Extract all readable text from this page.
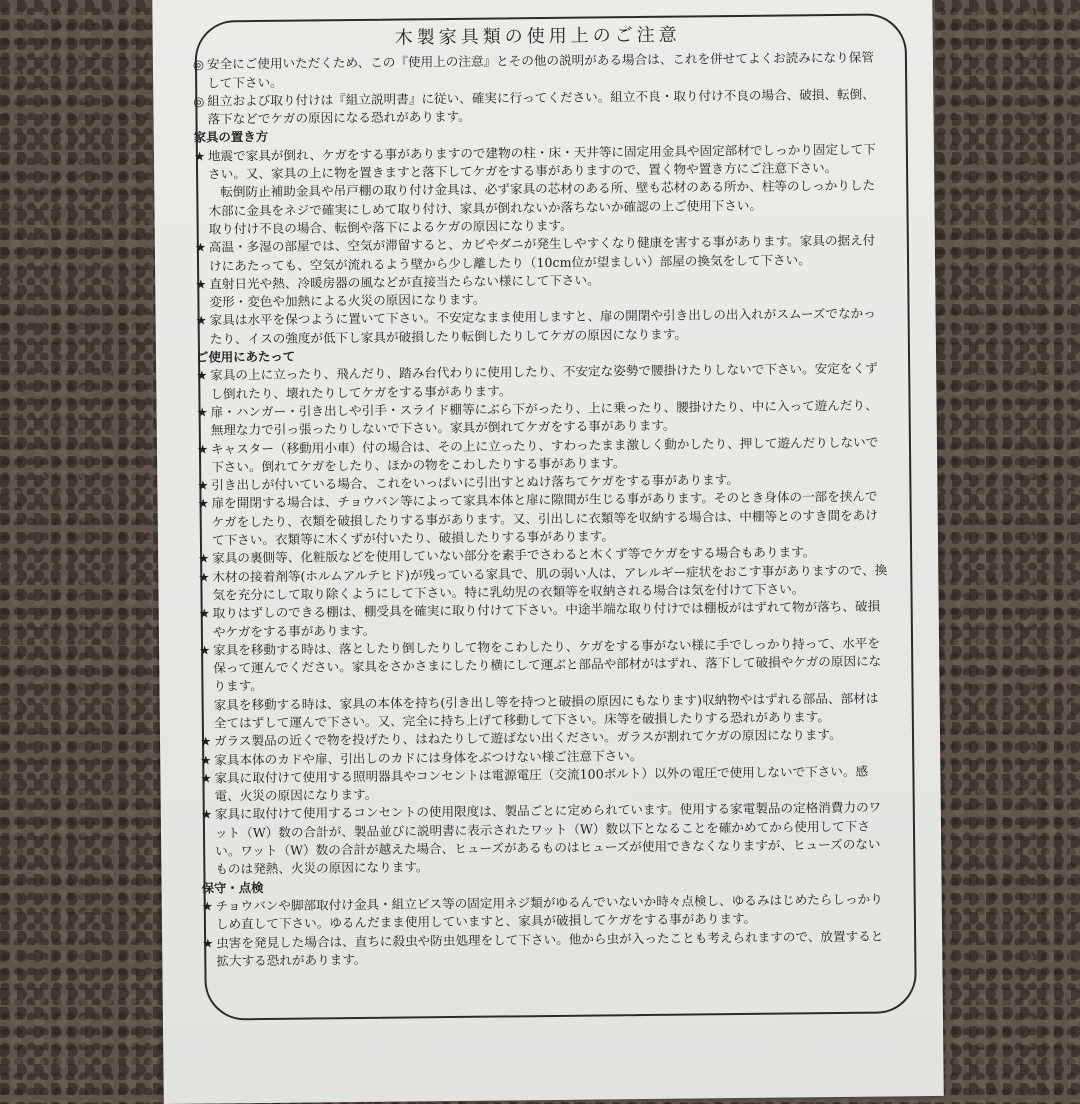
木製家具類の使用上のご注意
◎ 安全にご使用いただくため、この『使用上の注意』とその他の説明がある場合は、これを併せてよくお読みになり保管して下さい。
◎ 組立および取り付けは『組立説明書』に従い、確実に行ってください。組立不良・取り付け不良の場合、破損、転倒、落下などでケガの原因になる恐れがあります。
家具の置き方
★ 地震で家具が倒れ、ケガをする事がありますので建物の柱・床・天井等に固定用金具や固定部材でしっかり固定して下さい。又、家具の上に物を置きますと落下してケガをする事がありますので、置く物や置き方にご注意下さい。
転倒防止補助金具や吊戸棚の取り付け金具は、必ず家具の芯材のある所、壁も芯材のある所か、柱等のしっかりした木部に金具をネジで確実にしめて取り付け、家具が倒れないか落ちないか確認の上ご使用下さい。
取り付け不良の場合、転倒や落下によるケガの原因になります。
★ 高温・多湿の部屋では、空気が滞留すると、カビやダニが発生しやすくなり健康を害する事があります。家具の据え付けにあたっても、空気が流れるよう壁から少し離したり（10cm位が望ましい）部屋の換気をして下さい。
★ 直射日光や熱、冷暖房器の風などが直接当たらない様にして下さい。
変形・変色や加熱による火災の原因になります。
★ 家具は水平を保つように置いて下さい。不安定なまま使用しますと、扉の開閉や引き出しの出入れがスムーズでなかったり、イスの強度が低下し家具が破損したり転倒したりしてケガの原因になります。
ご使用にあたって
★ 家具の上に立ったり、飛んだり、踏み台代わりに使用したり、不安定な姿勢で腰掛けたりしないで下さい。安定をくずし倒れたり、壊れたりしてケガをする事があります。
★ 扉・ハンガー・引き出しや引手・スライド棚等にぶら下がったり、上に乗ったり、腰掛けたり、中に入って遊んだり、無理な力で引っ張ったりしないで下さい。家具が倒れてケガをする事があります。
★ キャスター（移動用小車）付の場合は、その上に立ったり、すわったまま激しく動かしたり、押して遊んだりしないで下さい。倒れてケガをしたり、ほかの物をこわしたりする事があります。
★ 引き出しが付いている場合、これをいっぱいに引出すとぬけ落ちてケガをする事があります。
★ 扉を開閉する場合は、チョウバン等によって家具本体と扉に隙間が生じる事があります。そのとき身体の一部を挟んでケガをしたり、衣類を破損したりする事があります。又、引出しに衣類等を収納する場合は、中棚等とのすき間をあけて下さい。衣類等に木くずが付いたり、破損したりする事があります。
★ 家具の裏側等、化粧版などを使用していない部分を素手でさわると木くず等でケガをする場合もあります。
★ 木材の接着剤等(ホルムアルテヒド)が残っている家具で、肌の弱い人は、アレルギー症状をおこす事がありますので、換気を充分にして取り除くようにして下さい。特に乳幼児の衣類等を収納される場合は気を付けて下さい。
★ 取りはずしのできる棚は、棚受具を確実に取り付けて下さい。中途半端な取り付けでは棚板がはずれて物が落ち、破損やケガをする事があります。
★ 家具を移動する時は、落としたり倒したりして物をこわしたり、ケガをする事がない様に手でしっかり持って、水平を保って運んでください。家具をさかさまにしたり横にして運ぶと部品や部材がはずれ、落下して破損やケガの原因になります。
家具を移動する時は、家具の本体を持ち(引き出し等を持つと破損の原因にもなります)収納物やはずれる部品、部材は全てはずして運んで下さい。又、完全に持ち上げて移動して下さい。床等を破損したりする恐れがあります。
★ ガラス製品の近くで物を投げたり、はねたりして遊ばない出ください。ガラスが割れてケガの原因になります。
★ 家具本体のカドや扉、引出しのカドには身体をぶつけない様ご注意下さい。
★ 家具に取付けて使用する照明器具やコンセントは電源電圧（交流100ボルト）以外の電圧で使用しないで下さい。感電、火災の原因になります。
★ 家具に取付けて使用するコンセントの使用限度は、製品ごとに定められています。使用する家電製品の定格消費力のワット（W）数の合計が、製品並びに説明書に表示されたワット（W）数以下となることを確かめてから使用して下さい。ワット（W）数の合計が越えた場合、ヒューズがあるものはヒューズが使用できなくなりますが、ヒューズのないものは発熱、火災の原因になります。
保守・点検
★ チョウバンや脚部取付け金具・組立ビス等の固定用ネジ類がゆるんでいないか時々点検し、ゆるみはじめたらしっかりしめ直して下さい。ゆるんだまま使用していますと、家具が破損してケガをする事があります。
★ 虫害を発見した場合は、直ちに殺虫や防虫処理をして下さい。他から虫が入ったことも考えられますので、放置すると拡大する恐れがあります。
